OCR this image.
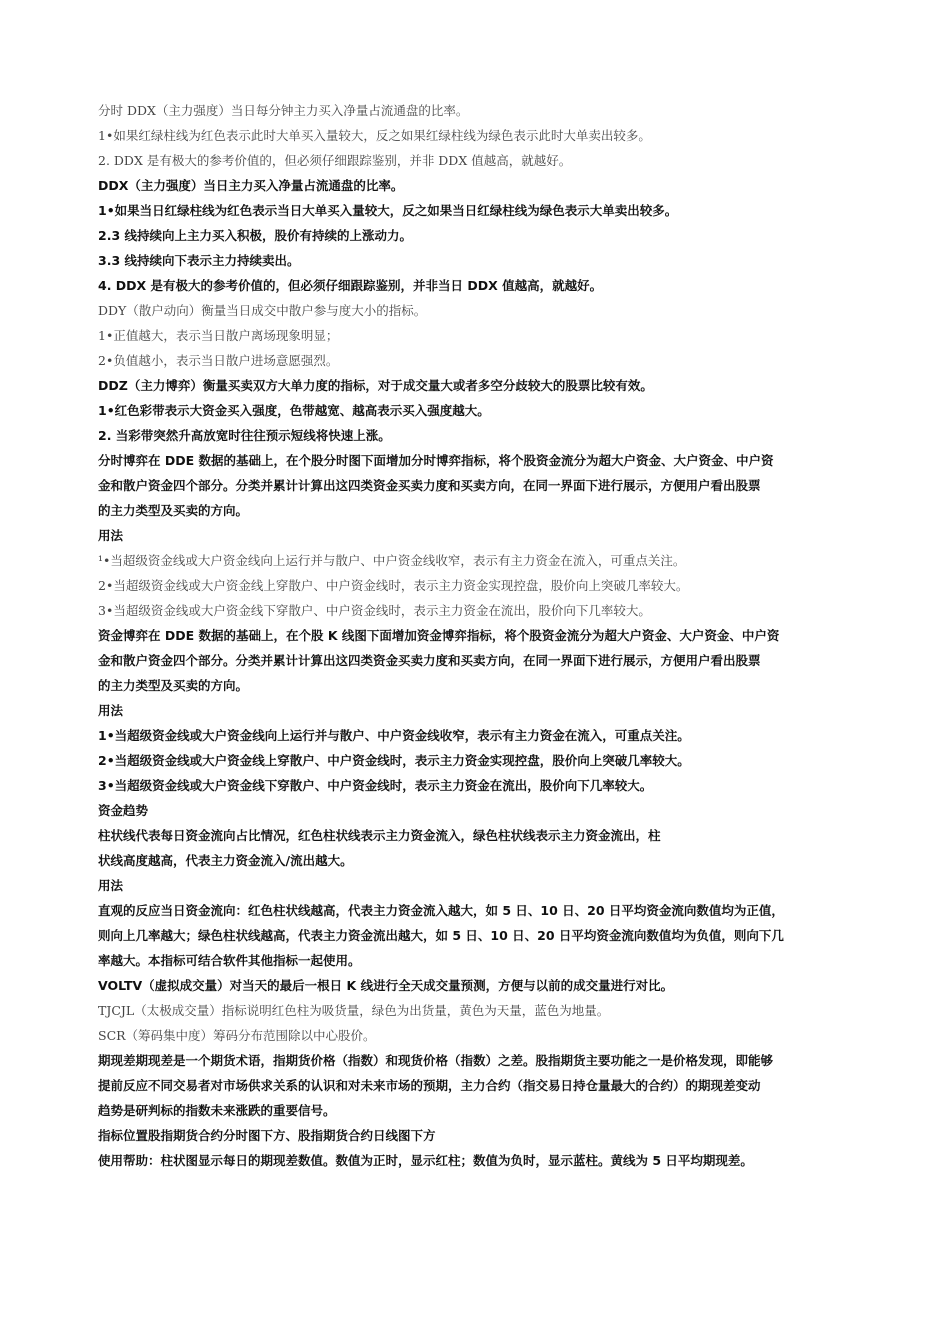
分时 DDX（主力强度）当日每分钟主力买入净量占流通盘的比率。
1•如果红绿柱线为红色表示此时大单买入量较大，反之如果红绿柱线为绿色表示此时大单卖出较多。
2. DDX 是有极大的参考价值的，但必须仔细跟踪鉴别，并非 DDX 值越高，就越好。
DDX（主力强度）当日主力买入净量占流通盘的比率。
1•如果当日红绿柱线为红色表示当日大单买入量较大，反之如果当日红绿柱线为绿色表示大单卖出较多。
2.3 线持续向上主力买入积极，股价有持续的上涨动力。
3.3 线持续向下表示主力持续卖出。
4. DDX 是有极大的参考价值的，但必须仔细跟踪鉴别，并非当日 DDX 值越高，就越好。
DDY（散户动向）衡量当日成交中散户参与度大小的指标。
1•正值越大，表示当日散户离场现象明显；
2•负值越小，表示当日散户进场意愿强烈。
DDZ（主力博弈）衡量买卖双方大单力度的指标，对于成交量大或者多空分歧较大的股票比较有效。
1•红色彩带表示大资金买入强度，色带越宽、越高表示买入强度越大。
2. 当彩带突然升高放宽时往往预示短线将快速上涨。
分时博弈在 DDE 数据的基础上，在个股分时图下面增加分时博弈指标，将个股资金流分为超大户资金、大户资金、中户资
金和散户资金四个部分。分类并累计计算出这四类资金买卖力度和买卖方向，在同一界面下进行展示，方便用户看出股票
的主力类型及买卖的方向。
用法
¹•当超级资金线或大户资金线向上运行并与散户、中户资金线收窄，表示有主力资金在流入，可重点关注。
2•当超级资金线或大户资金线上穿散户、中户资金线时，表示主力资金实现控盘，股价向上突破几率较大。
3•当超级资金线或大户资金线下穿散户、中户资金线时，表示主力资金在流出，股价向下几率较大。
资金博弈在 DDE 数据的基础上，在个股 K 线图下面增加资金博弈指标，将个股资金流分为超大户资金、大户资金、中户资
金和散户资金四个部分。分类并累计计算出这四类资金买卖力度和买卖方向，在同一界面下进行展示，方便用户看出股票
的主力类型及买卖的方向。
用法
1•当超级资金线或大户资金线向上运行并与散户、中户资金线收窄，表示有主力资金在流入，可重点关注。
2•当超级资金线或大户资金线上穿散户、中户资金线时，表示主力资金实现控盘，股价向上突破几率较大。
3•当超级资金线或大户资金线下穿散户、中户资金线时，表示主力资金在流出，股价向下几率较大。
资金趋势
柱状线代表每日资金流向占比情况，红色柱状线表示主力资金流入，绿色柱状线表示主力资金流出，柱
状线高度越高，代表主力资金流入/流出越大。
用法
直观的反应当日资金流向：红色柱状线越高，代表主力资金流入越大，如 5 日、10 日、20 日平均资金流向数值均为正值，
则向上几率越大；绿色柱状线越高，代表主力资金流出越大，如 5 日、10 日、20 日平均资金流向数值均为负值，则向下几
率越大。本指标可结合软件其他指标一起使用。
VOLTV（虚拟成交量）对当天的最后一根日 K 线进行全天成交量预测，方便与以前的成交量进行对比。
TJCJL（太极成交量）指标说明红色柱为吸货量，绿色为出货量，黄色为天量，蓝色为地量。
SCR（筹码集中度）筹码分布范围除以中心股价。
期现差期现差是一个期货术语，指期货价格（指数）和现货价格（指数）之差。股指期货主要功能之一是价格发现，即能够
提前反应不同交易者对市场供求关系的认识和对未来市场的预期，主力合约（指交易日持仓量最大的合约）的期现差变动
趋势是研判标的指数未来涨跌的重要信号。
指标位置股指期货合约分时图下方、股指期货合约日线图下方
使用帮助：柱状图显示每日的期现差数值。数值为正时，显示红柱；数值为负时，显示蓝柱。黄线为 5 日平均期现差。
